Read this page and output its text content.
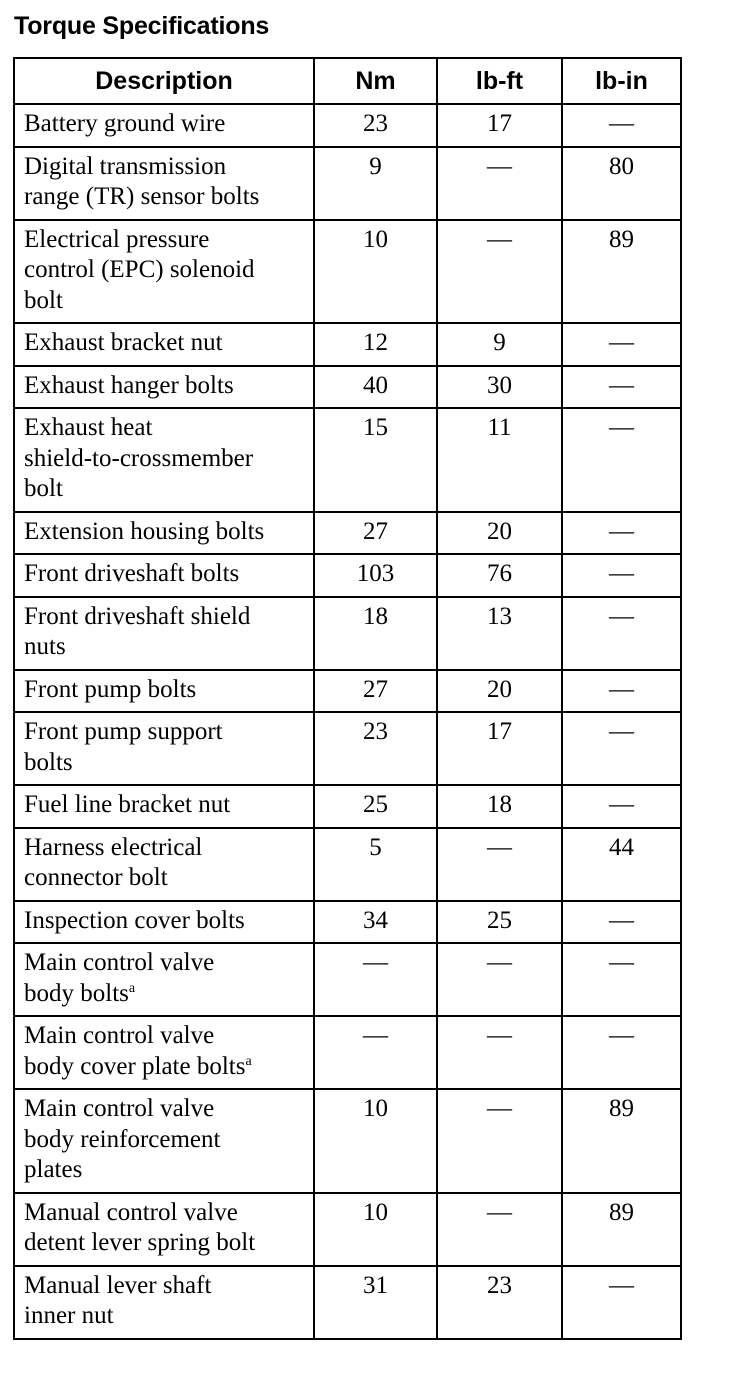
Torque Specifications
Description	Nm	lb-ft	lb-in
Battery ground wire	23	17	—
Digital transmission
range (TR) sensor bolts	9	—	80
Electrical pressure
control (EPC) solenoid
bolt	10	—	89
Exhaust bracket nut	12	9	—
Exhaust hanger bolts	40	30	—
Exhaust heat
shield-to-crossmember
bolt	15	11	—
Extension housing bolts	27	20	—
Front driveshaft bolts	103	76	—
Front driveshaft shield
nuts	18	13	—
Front pump bolts	27	20	—
Front pump support
bolts	23	17	—
Fuel line bracket nut	25	18	—
Harness electrical
connector bolt	5	—	44
Inspection cover bolts	34	25	—
Main control valve
body bolts$^a$	—	—	—
Main control valve
body cover plate bolts$^a$	—	—	—
Main control valve
body reinforcement
plates	10	—	89
Manual control valve
detent lever spring bolt	10	—	89
Manual lever shaft
inner nut	31	23	—
